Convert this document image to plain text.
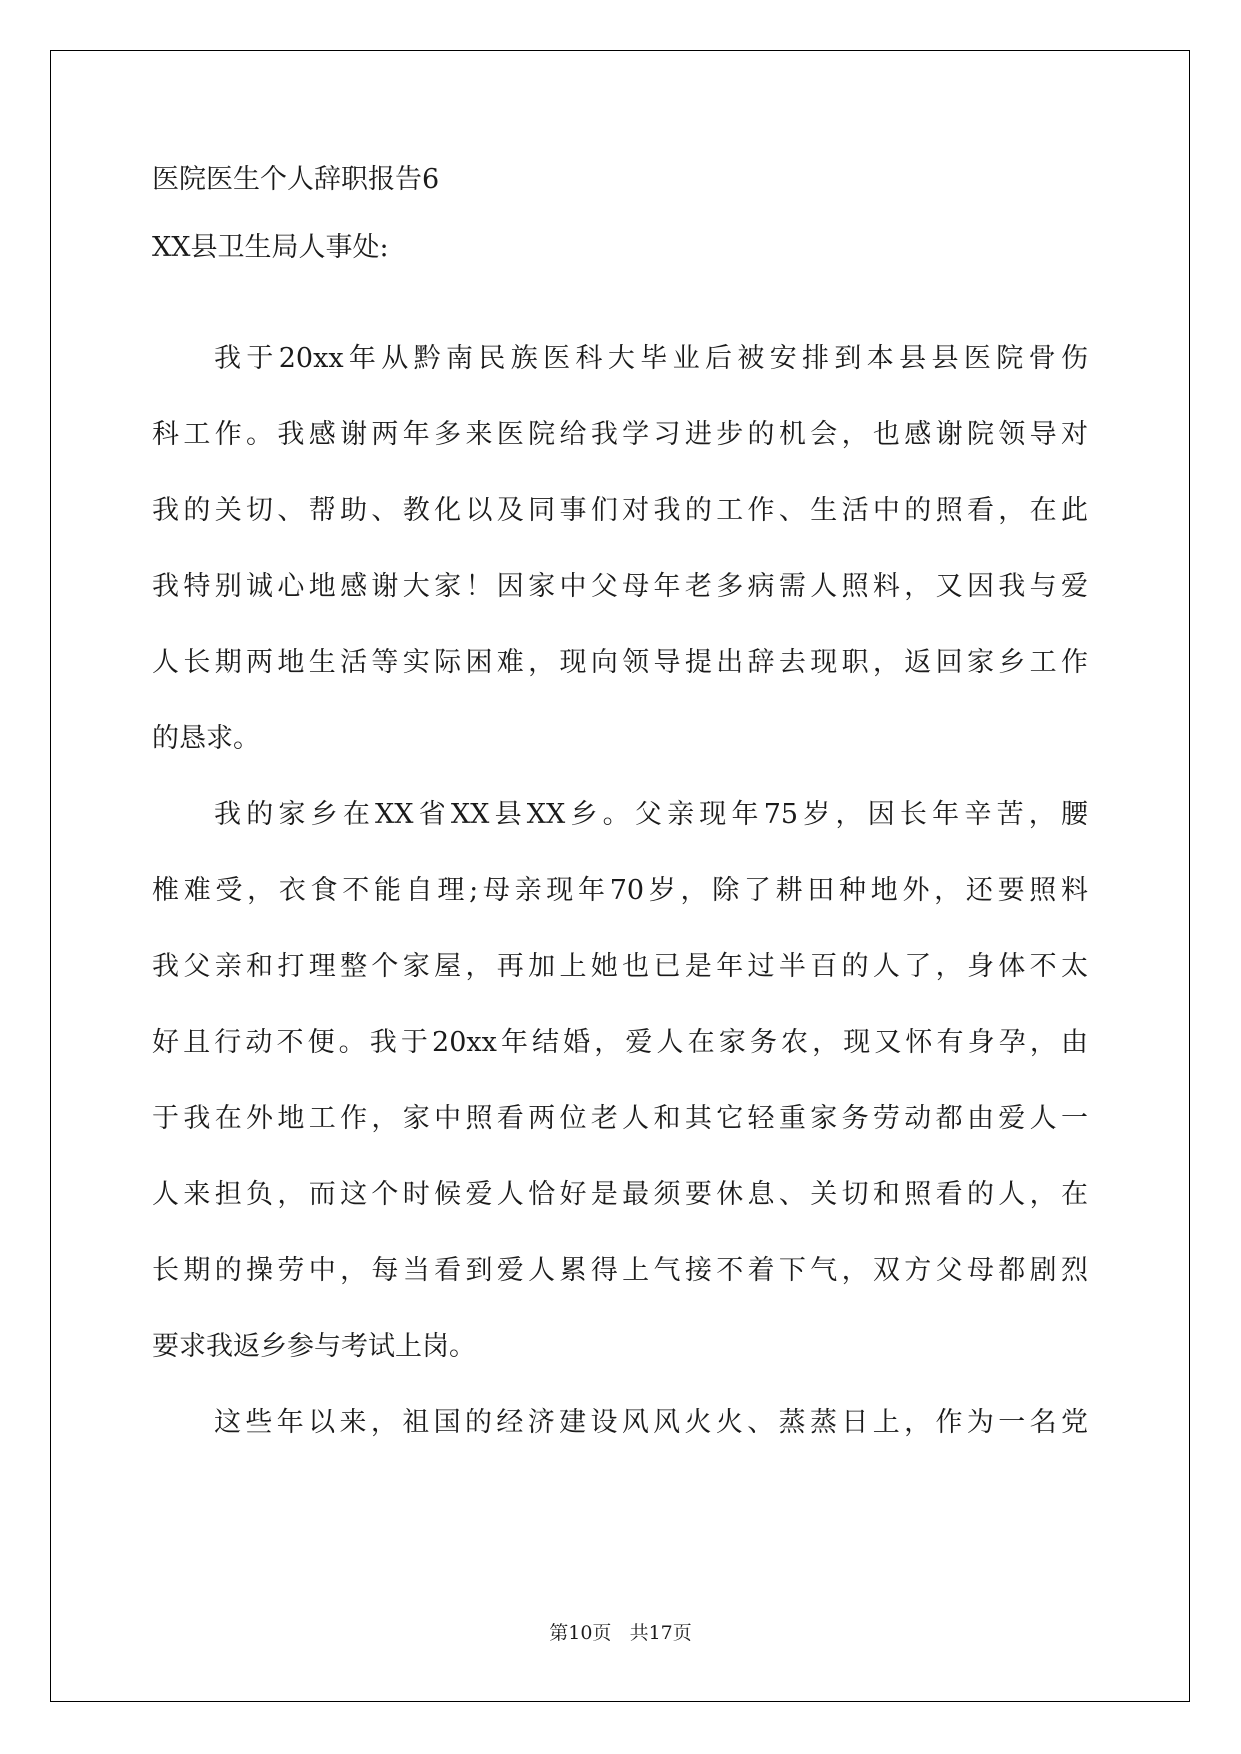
医院医生个人辞职报告6

XX县卫生局人事处:

我于20xx年从黔南民族医科大毕业后被安排到本县县医院骨伤

科工作。我感谢两年多来医院给我学习进步的机会，也感谢院领导对

我的关切、帮助、教化以及同事们对我的工作、生活中的照看，在此

我特别诚心地感谢大家！因家中父母年老多病需人照料，又因我与爱

人长期两地生活等实际困难，现向领导提出辞去现职，返回家乡工作

的恳求。

我的家乡在XX省XX县XX乡。父亲现年75岁，因长年辛苦，腰

椎难受，衣食不能自理;母亲现年70岁，除了耕田种地外，还要照料

我父亲和打理整个家屋，再加上她也已是年过半百的人了，身体不太

好且行动不便。我于20xx年结婚，爱人在家务农，现又怀有身孕，由

于我在外地工作，家中照看两位老人和其它轻重家务劳动都由爱人一

人来担负，而这个时候爱人恰好是最须要休息、关切和照看的人，在

长期的操劳中，每当看到爱人累得上气接不着下气，双方父母都剧烈

要求我返乡参与考试上岗。

这些年以来，祖国的经济建设风风火火、蒸蒸日上，作为一名党

第10页 共17页
